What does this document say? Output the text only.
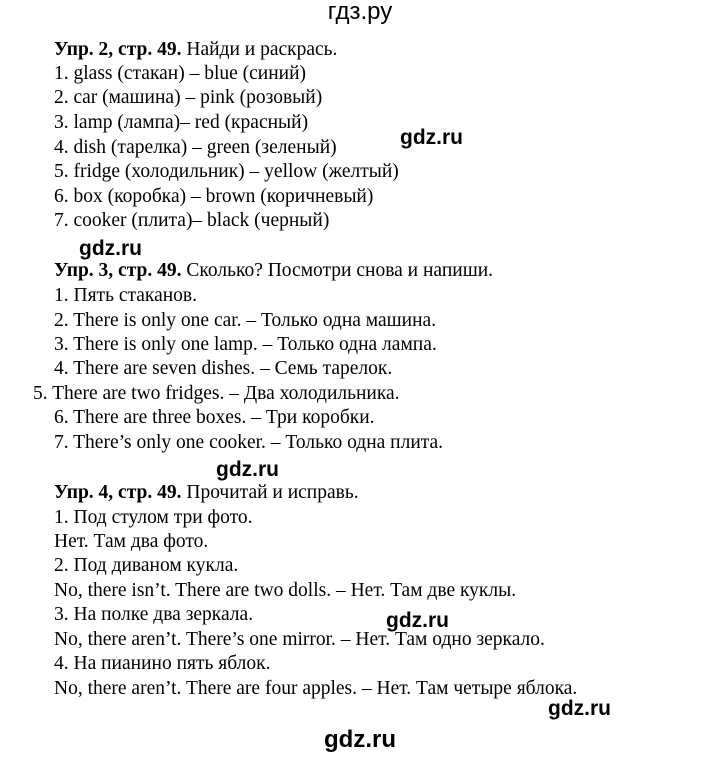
гдз.ру
gdz.ru
gdz.ru
gdz.ru
gdz.ru
gdz.ru
gdz.ru
Упр. 2, стр. 49. Найди и раскрась.
1. glass (стакан) – blue (синий)
2. car (машина) – pink (розовый)
3. lamp (лампа)– red (красный)
4. dish (тарелка) – green (зеленый)
5. fridge (холодильник) – yellow (желтый)
6. box (коробка) – brown (коричневый)
7. cooker (плита)– black (черный)
Упр. 3, стр. 49. Сколько? Посмотри снова и напиши.
1. Пять стаканов.
2. There is only one car. – Только одна машина.
3. There is only one lamp. – Только одна лампа.
4. There are seven dishes. – Семь тарелок.
5. There are two fridges. – Два холодильника.
6. There are three boxes. – Три коробки.
7. There’s only one cooker. – Только одна плита.
Упр. 4, стр. 49. Прочитай и исправь.
1. Под стулом три фото.
Нет. Там два фото.
2. Под диваном кукла.
No, there isn’t. There are two dolls. – Нет. Там две куклы.
3. На полке два зеркала.
No, there aren’t. There’s one mirror. – Нет. Там одно зеркало.
4. На пианино пять яблок.
No, there aren’t. There are four apples. – Нет. Там четыре яблока.
